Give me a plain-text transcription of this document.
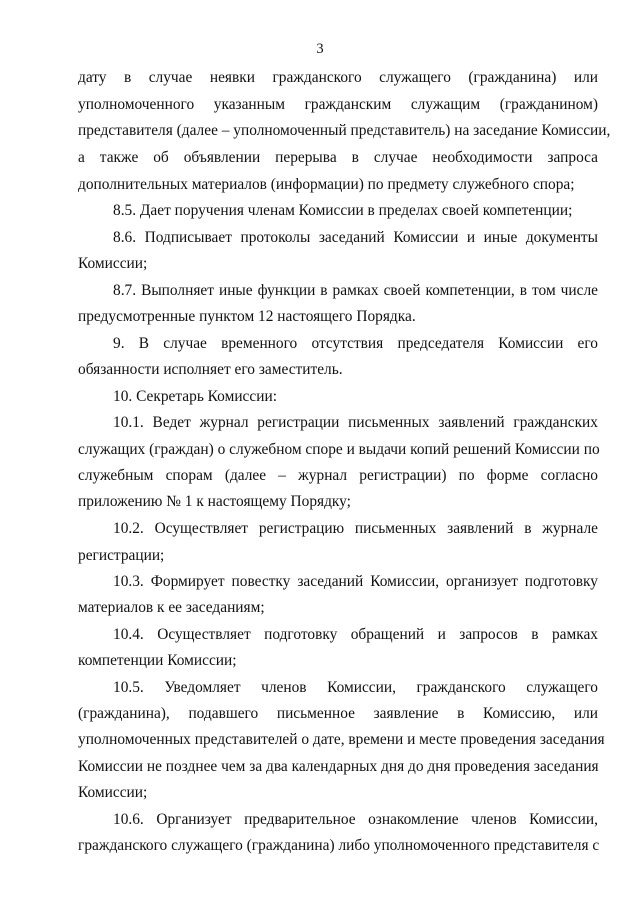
3
дату в случае неявки гражданского служащего (гражданина) или
уполномоченного указанным гражданским служащим (гражданином)
представителя (далее – уполномоченный представитель) на заседание Комиссии,
а также об объявлении перерыва в случае необходимости запроса
дополнительных материалов (информации) по предмету служебного спора;
8.5. Дает поручения членам Комиссии в пределах своей компетенции;
8.6. Подписывает протоколы заседаний Комиссии и иные документы
Комиссии;
8.7. Выполняет иные функции в рамках своей компетенции, в том числе
предусмотренные пунктом 12 настоящего Порядка.
9. В случае временного отсутствия председателя Комиссии его
обязанности исполняет его заместитель.
10. Секретарь Комиссии:
10.1. Ведет журнал регистрации письменных заявлений гражданских
служащих (граждан) о служебном споре и выдачи копий решений Комиссии по
служебным спорам (далее – журнал регистрации) по форме согласно
приложению № 1 к настоящему Порядку;
10.2. Осуществляет регистрацию письменных заявлений в журнале
регистрации;
10.3. Формирует повестку заседаний Комиссии, организует подготовку
материалов к ее заседаниям;
10.4. Осуществляет подготовку обращений и запросов в рамках
компетенции Комиссии;
10.5. Уведомляет членов Комиссии, гражданского служащего
(гражданина), подавшего письменное заявление в Комиссию, или
уполномоченных представителей о дате, времени и месте проведения заседания
Комиссии не позднее чем за два календарных дня до дня проведения заседания
Комиссии;
10.6. Организует предварительное ознакомление членов Комиссии,
гражданского служащего (гражданина) либо уполномоченного представителя с
